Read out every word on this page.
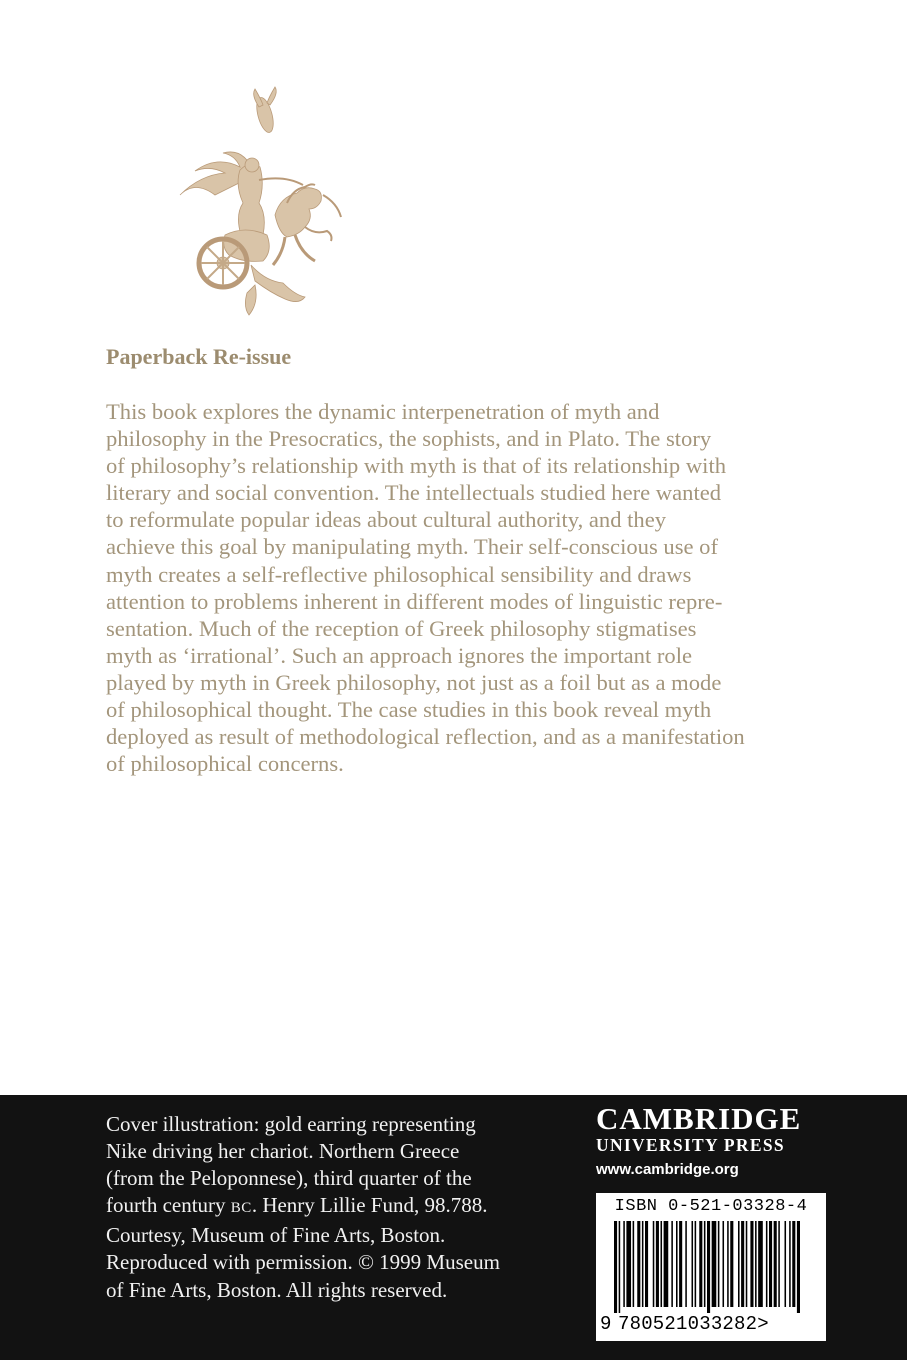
Paperback Re-issue

This book explores the dynamic interpenetration of myth and
philosophy in the Presocratics, the sophists, and in Plato. The story
of philosophy’s relationship with myth is that of its relationship with
literary and social convention. The intellectuals studied here wanted
to reformulate popular ideas about cultural authority, and they
achieve this goal by manipulating myth. Their self-conscious use of
myth creates a self-reflective philosophical sensibility and draws
attention to problems inherent in different modes of linguistic repre-
sentation. Much of the reception of Greek philosophy stigmatises
myth as ‘irrational’. Such an approach ignores the important role
played by myth in Greek philosophy, not just as a foil but as a mode
of philosophical thought. The case studies in this book reveal myth
deployed as result of methodological reflection, and as a manifestation
of philosophical concerns.

Cover illustration: gold earring representing
Nike driving her chariot. Northern Greece
(from the Peloponnese), third quarter of the
fourth century BC. Henry Lillie Fund, 98.788.
Courtesy, Museum of Fine Arts, Boston.
Reproduced with permission. © 1999 Museum
of Fine Arts, Boston. All rights reserved.

CAMBRIDGE
UNIVERSITY PRESS
www.cambridge.org
ISBN 0-521-03328-4
9 780521033282>
